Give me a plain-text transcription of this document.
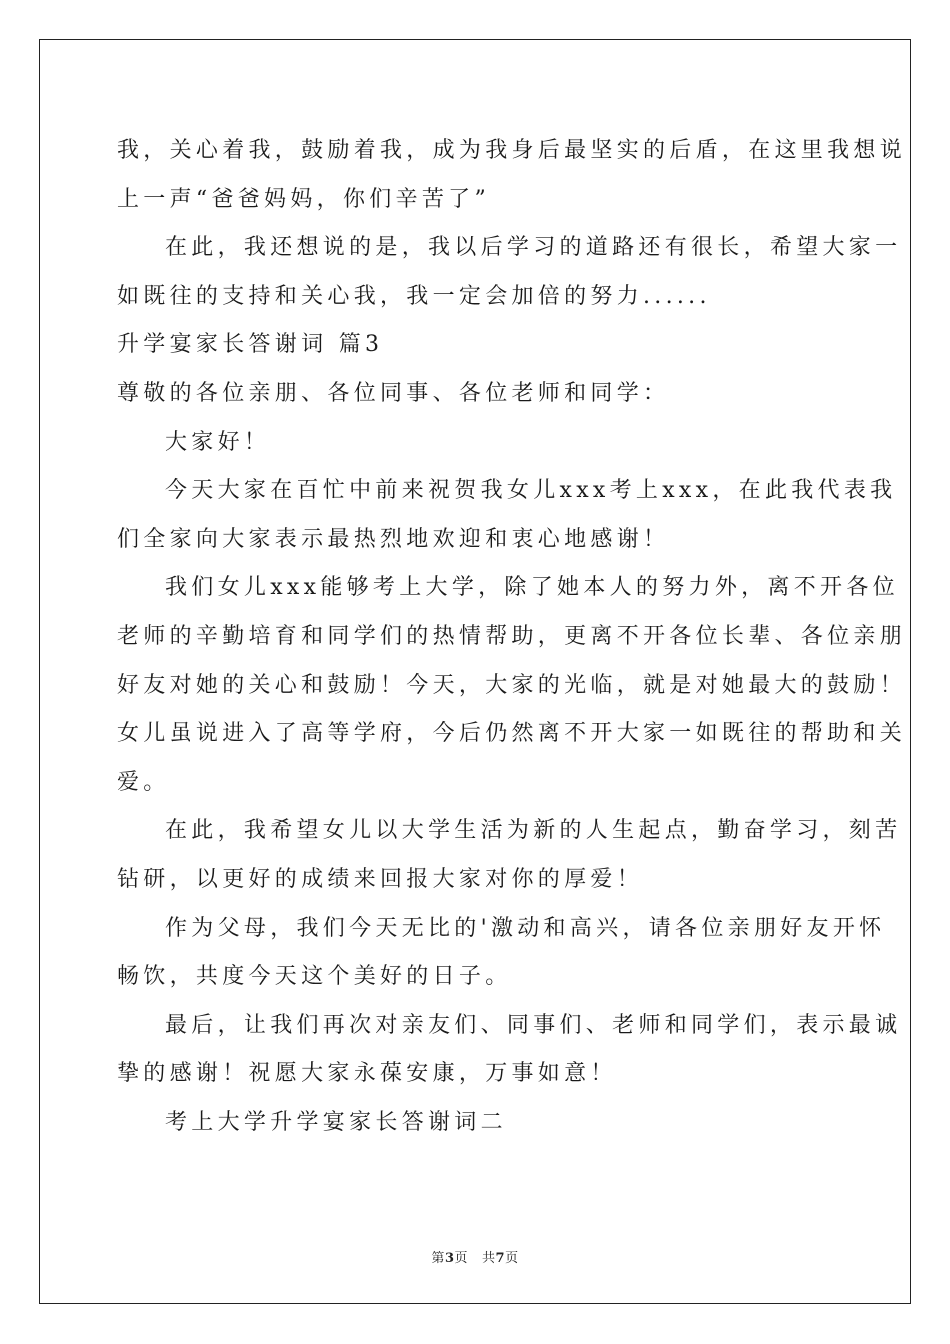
我，关心着我，鼓励着我，成为我身后最坚实的后盾，在这里我想说
上一声“爸爸妈妈，你们辛苦了”
在此，我还想说的是，我以后学习的道路还有很长，希望大家一
如既往的支持和关心我，我一定会加倍的努力......
升学宴家长答谢词 篇3
尊敬的各位亲朋、各位同事、各位老师和同学：
大家好！
今天大家在百忙中前来祝贺我女儿xxx考上xxx，在此我代表我
们全家向大家表示最热烈地欢迎和衷心地感谢！
我们女儿xxx能够考上大学，除了她本人的努力外，离不开各位
老师的辛勤培育和同学们的热情帮助，更离不开各位长辈、各位亲朋
好友对她的关心和鼓励！今天，大家的光临，就是对她最大的鼓励！
女儿虽说进入了高等学府，今后仍然离不开大家一如既往的帮助和关
爱。
在此，我希望女儿以大学生活为新的人生起点，勤奋学习，刻苦
钻研，以更好的成绩来回报大家对你的厚爱！
作为父母，我们今天无比的'激动和高兴，请各位亲朋好友开怀
畅饮，共度今天这个美好的日子。
最后，让我们再次对亲友们、同事们、老师和同学们，表示最诚
挚的感谢！祝愿大家永葆安康，万事如意！
考上大学升学宴家长答谢词二
第3页 共7页
